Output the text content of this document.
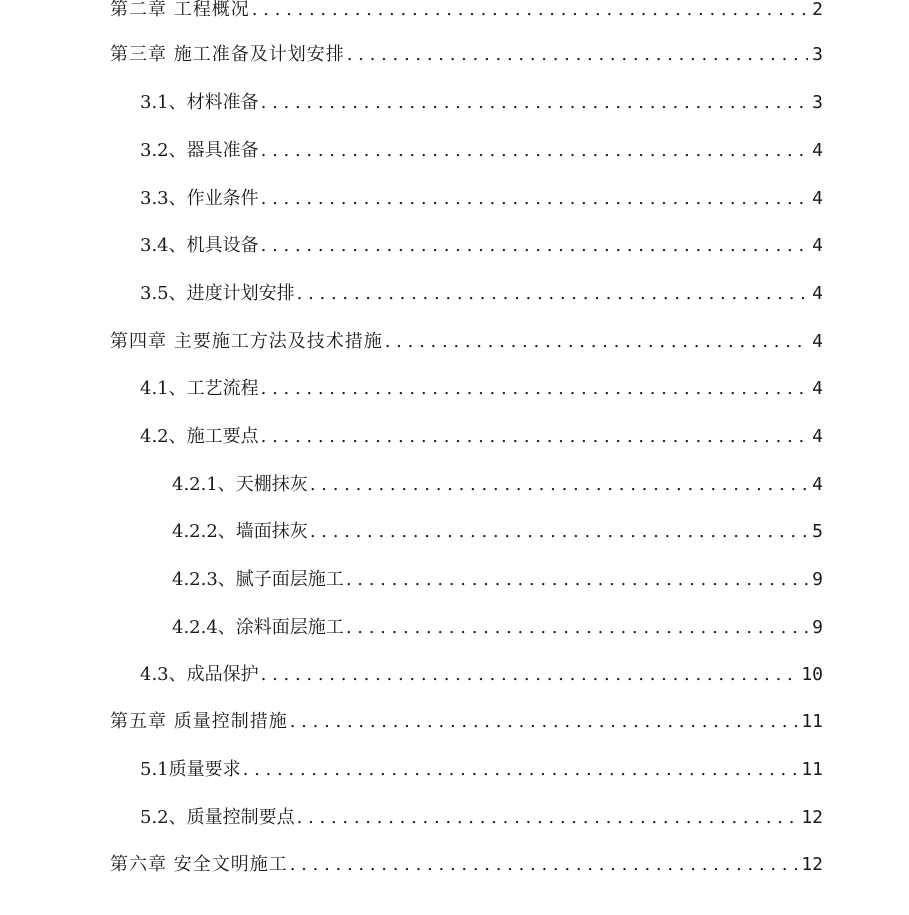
第二章 工程概况 . . .	2
第三章 施工准备及计划安排 . . .	3
3.1、材料准备 . . .	3
3.2、器具准备 . . .	4
3.3、作业条件 . . .	4
3.4、机具设备 . . .	4
3.5、进度计划安排 . . .	4
第四章 主要施工方法及技术措施 . . .	4
4.1、工艺流程 . . .	4
4.2、施工要点 . . .	4
4.2.1、天棚抹灰 . . .	4
4.2.2、墙面抹灰 . . .	5
4.2.3、腻子面层施工 . . .	9
4.2.4、涂料面层施工 . . .	9
4.3、成品保护 . . .	10
第五章 质量控制措施 . . .	11
5.1质量要求 . . .	11
5.2、质量控制要点 . . .	12
第六章 安全文明施工 . . .	12
